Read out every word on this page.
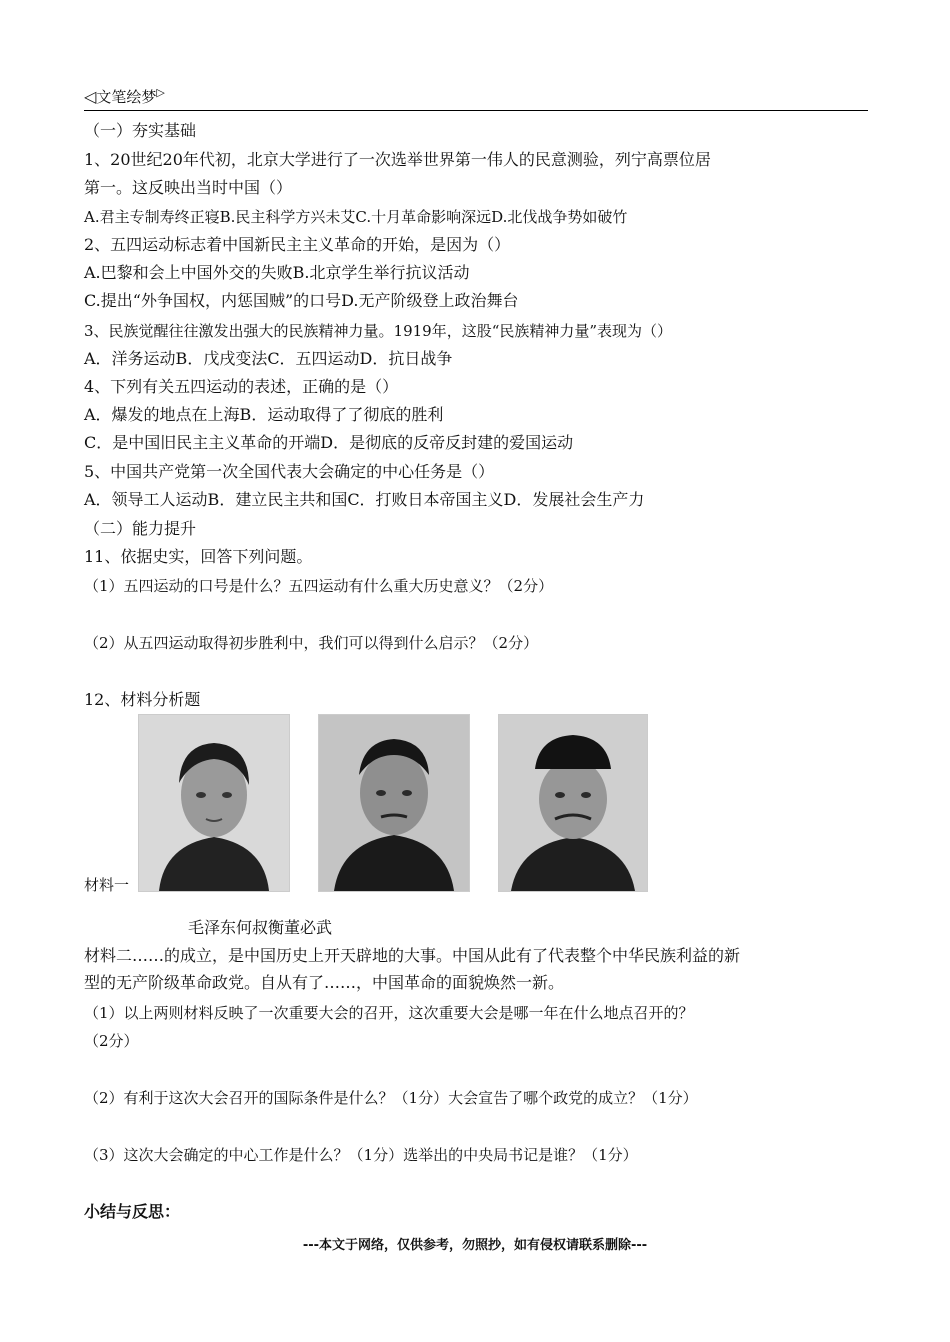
◁文笔绘梦▷
（一）夯实基础
1、20世纪20年代初，北京大学进行了一次选举世界第一伟人的民意测验，列宁高票位居
第一。这反映出当时中国（）
A.君主专制寿终正寝B.民主科学方兴未艾C.十月革命影响深远D.北伐战争势如破竹
2、五四运动标志着中国新民主主义革命的开始，是因为（）
A.巴黎和会上中国外交的失败B.北京学生举行抗议活动
C.提出“外争国权，内惩国贼”的口号D.无产阶级登上政治舞台
3、民族觉醒往往激发出强大的民族精神力量。1919年，这股“民族精神力量”表现为（）
A．洋务运动B．戊戌变法C．五四运动D．抗日战争
4、下列有关五四运动的表述，正确的是（）
A．爆发的地点在上海B．运动取得了了彻底的胜利
C．是中国旧民主主义革命的开端D．是彻底的反帝反封建的爱国运动
5、中国共产党第一次全国代表大会确定的中心任务是（）
A．领导工人运动B．建立民主共和国C．打败日本帝国主义D．发展社会生产力
（二）能力提升
11、依据史实，回答下列问题。
（1）五四运动的口号是什么？五四运动有什么重大历史意义？（2分）
（2）从五四运动取得初步胜利中，我们可以得到什么启示？（2分）
12、材料分析题
材料一
毛泽东何叔衡董必武
材料二……的成立，是中国历史上开天辟地的大事。中国从此有了代表整个中华民族利益的新
型的无产阶级革命政党。自从有了……，中国革命的面貌焕然一新。
（1）以上两则材料反映了一次重要大会的召开，这次重要大会是哪一年在什么地点召开的？
（2分）
（2）有利于这次大会召开的国际条件是什么？（1分）大会宣告了哪个政党的成立？（1分）
（3）这次大会确定的中心工作是什么？（1分）选举出的中央局书记是谁？（1分）
小结与反思：
---本文于网络，仅供参考，勿照抄，如有侵权请联系删除---
